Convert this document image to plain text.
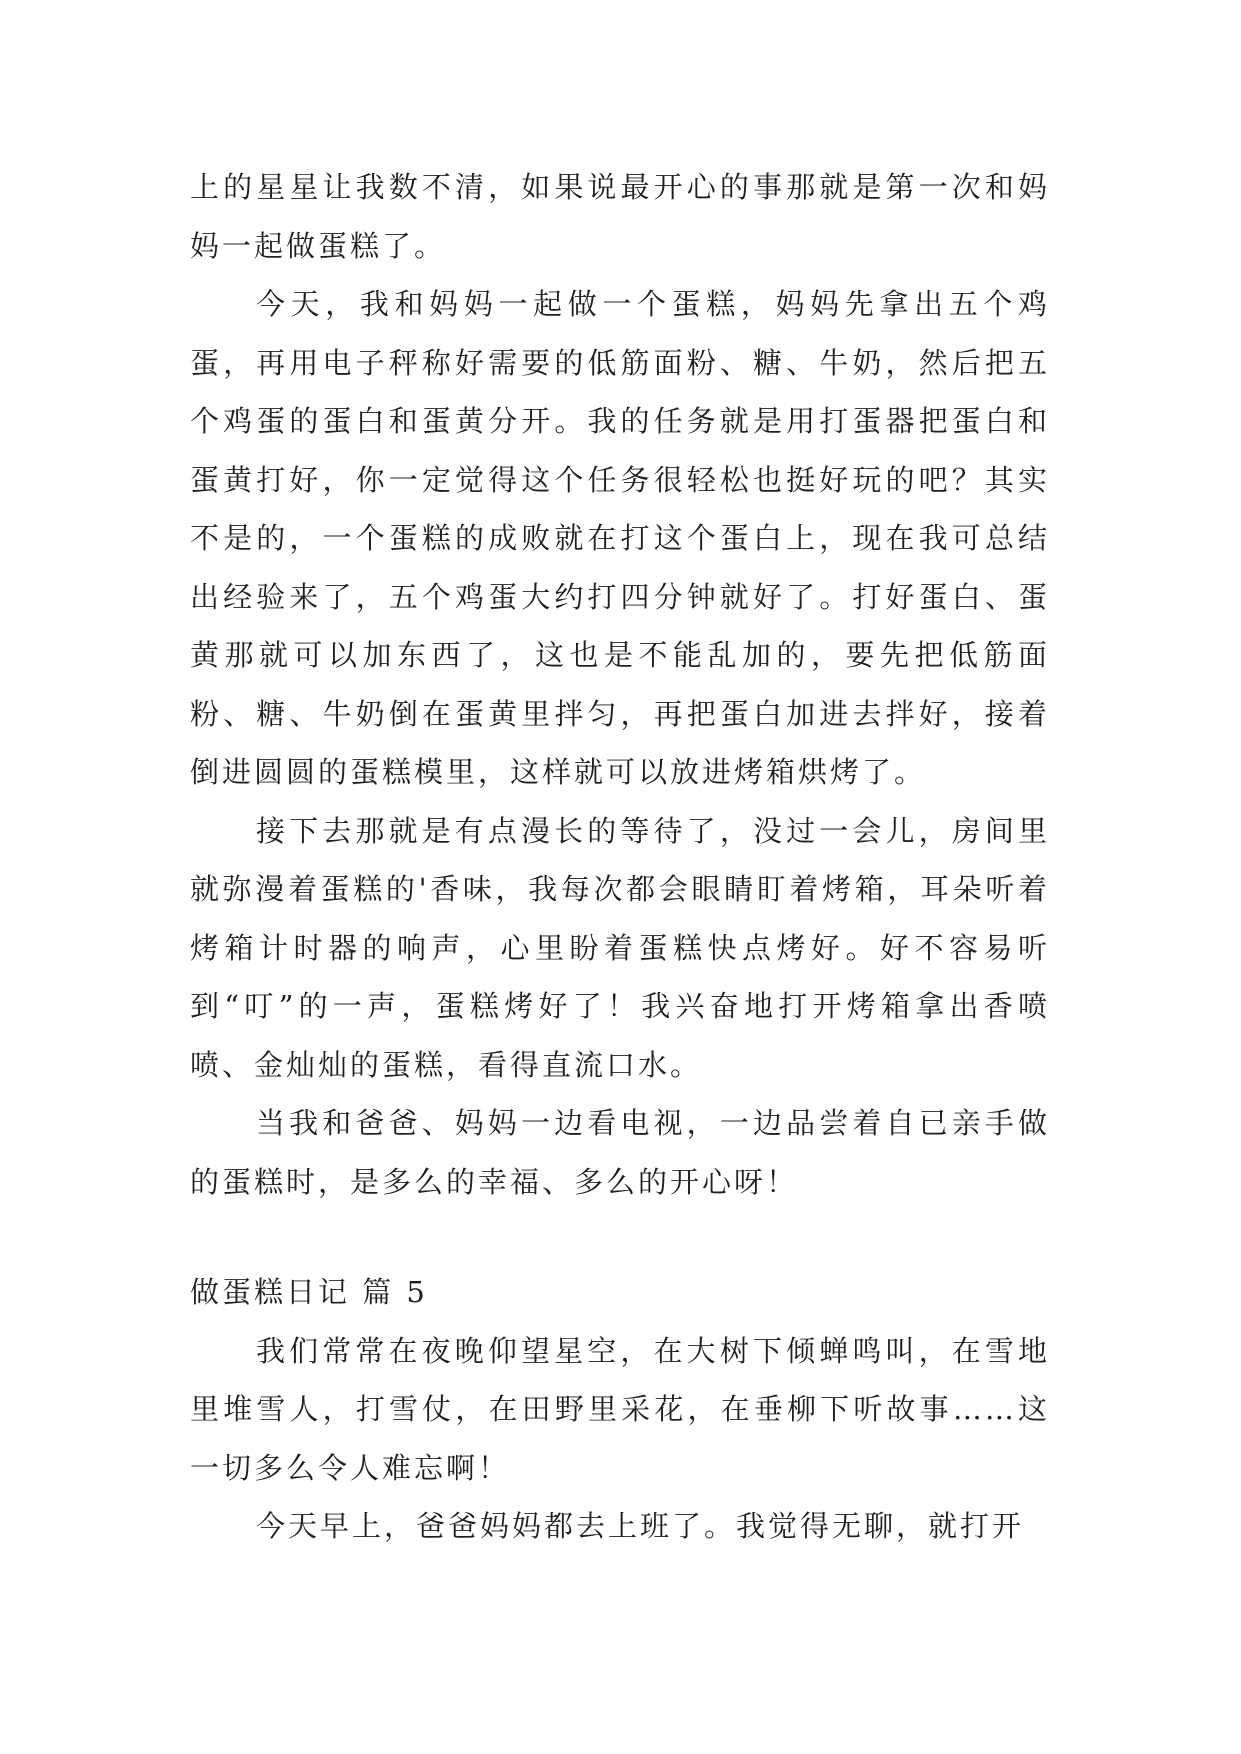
上的星星让我数不清，如果说最开心的事那就是第一次和妈妈一起做蛋糕了。

今天，我和妈妈一起做一个蛋糕，妈妈先拿出五个鸡蛋，再用电子秤称好需要的低筋面粉、糖、牛奶，然后把五个鸡蛋的蛋白和蛋黄分开。我的任务就是用打蛋器把蛋白和蛋黄打好，你一定觉得这个任务很轻松也挺好玩的吧？其实不是的，一个蛋糕的成败就在打这个蛋白上，现在我可总结出经验来了，五个鸡蛋大约打四分钟就好了。打好蛋白、蛋黄那就可以加东西了，这也是不能乱加的，要先把低筋面粉、糖、牛奶倒在蛋黄里拌匀，再把蛋白加进去拌好，接着倒进圆圆的蛋糕模里，这样就可以放进烤箱烘烤了。

接下去那就是有点漫长的等待了，没过一会儿，房间里就弥漫着蛋糕的'香味，我每次都会眼睛盯着烤箱，耳朵听着烤箱计时器的响声，心里盼着蛋糕快点烤好。好不容易听到“叮”的一声，蛋糕烤好了！我兴奋地打开烤箱拿出香喷喷、金灿灿的蛋糕，看得直流口水。

当我和爸爸、妈妈一边看电视，一边品尝着自已亲手做的蛋糕时，是多么的幸福、多么的开心呀！

做蛋糕日记 篇 5

我们常常在夜晚仰望星空，在大树下倾蝉鸣叫，在雪地里堆雪人，打雪仗，在田野里采花，在垂柳下听故事……这一切多么令人难忘啊！

今天早上，爸爸妈妈都去上班了。我觉得无聊，就打开
